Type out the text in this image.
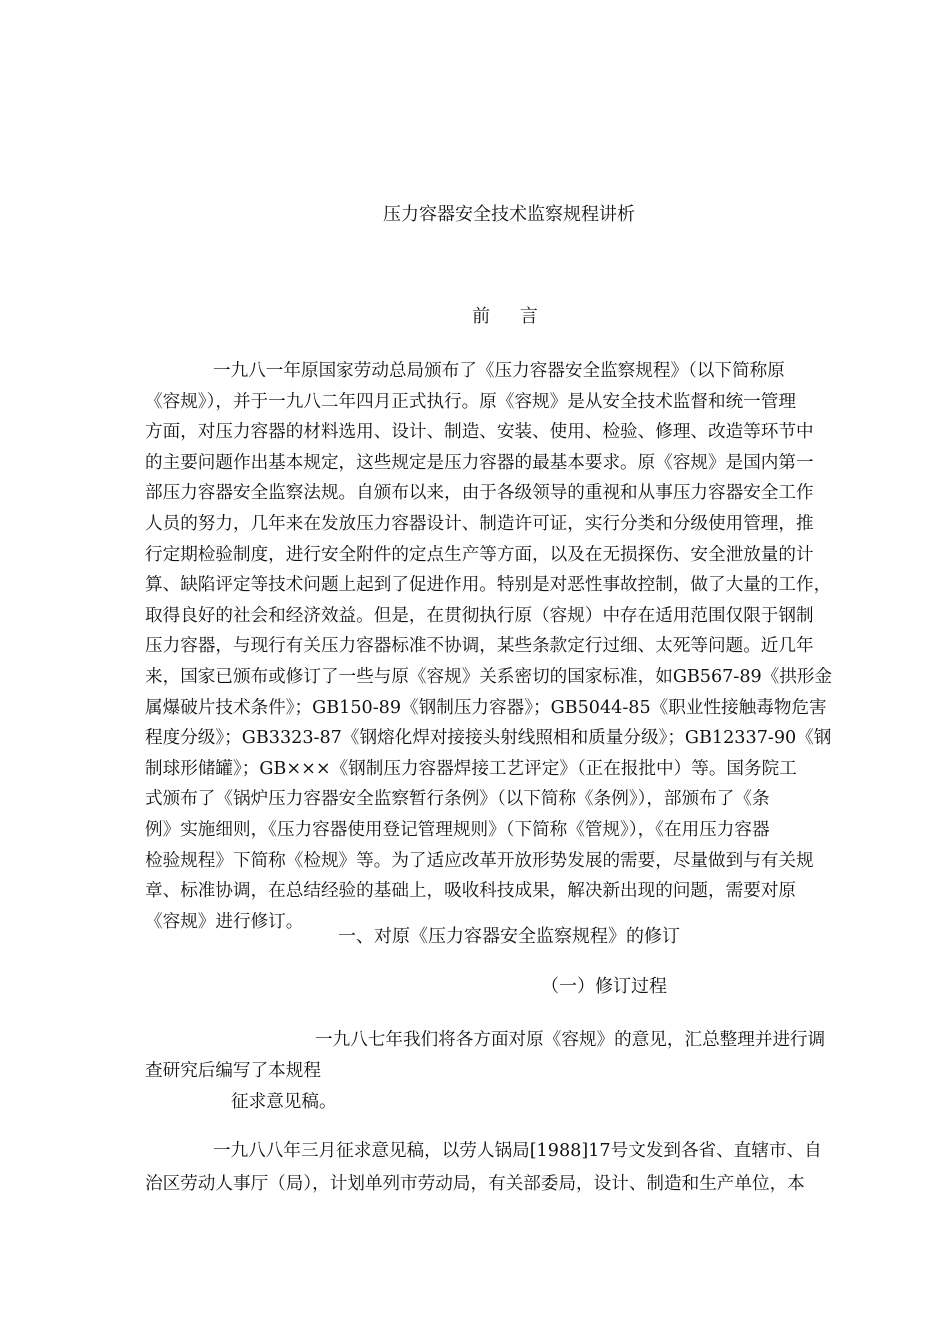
压力容器安全技术监察规程讲析
前 言
一九八一年原国家劳动总局颁布了《压力容器安全监察规程》（以下简称原
《容规》），并于一九八二年四月正式执行。原《容规》是从安全技术监督和统一管理
方面，对压力容器的材料选用、设计、制造、安装、使用、检验、修理、改造等环节中
的主要问题作出基本规定，这些规定是压力容器的最基本要求。原《容规》是国内第一
部压力容器安全监察法规。自颁布以来，由于各级领导的重视和从事压力容器安全工作
人员的努力，几年来在发放压力容器设计、制造许可证，实行分类和分级使用管理，推
行定期检验制度，进行安全附件的定点生产等方面，以及在无损探伤、安全泄放量的计
算、缺陷评定等技术问题上起到了促进作用。特别是对恶性事故控制，做了大量的工作，
取得良好的社会和经济效益。但是，在贯彻执行原（容规）中存在适用范围仅限于钢制
压力容器，与现行有关压力容器标准不协调，某些条款定行过细、太死等问题。近几年
来，国家已颁布或修订了一些与原《容规》关系密切的国家标准，如GB567-89《拱形金
属爆破片技术条件》；GB150-89《钢制压力容器》；GB5044-85《职业性接触毒物危害
程度分级》；GB3323-87《钢熔化焊对接接头射线照相和质量分级》；GB12337-90《钢
制球形储罐》；GB×××《钢制压力容器焊接工艺评定》（正在报批中）等。国务院工
式颁布了《锅炉压力容器安全监察暂行条例》（以下简称《条例》），部颁布了《条
例》实施细则，《压力容器使用登记管理规则》（下简称《管规》），《在用压力容器
检验规程》下简称《检规》等。为了适应改革开放形势发展的需要，尽量做到与有关规
章、标准协调，在总结经验的基础上，吸收科技成果，解决新出现的问题，需要对原
《容规》进行修订。
一、对原《压力容器安全监察规程》的修订
（一）修订过程
一九八七年我们将各方面对原《容规》的意见，汇总整理并进行调
查研究后编写了本规程
征求意见稿。
一九八八年三月征求意见稿，以劳人锅局[1988]17号文发到各省、直辖市、自
治区劳动人事厅（局），计划单列市劳动局，有关部委局，设计、制造和生产单位，本
